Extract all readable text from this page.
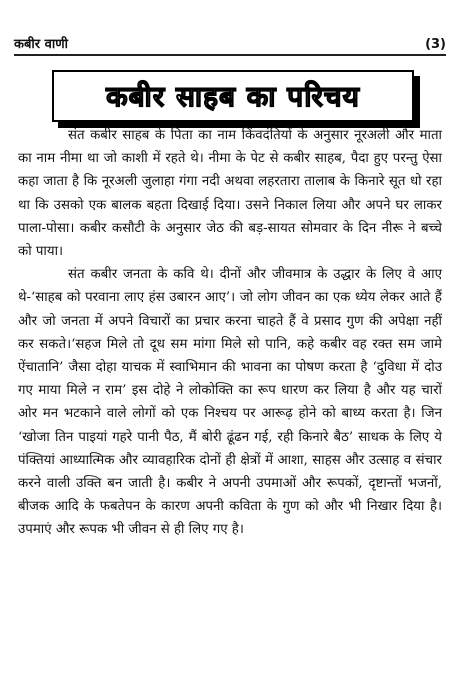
कबीर वाणी	(3)
कबीर साहब का परिचय

संत कबीर साहब के पिता का नाम किंवदंतियों के अनुसार नूरअली और माता का नाम नीमा था जो काशी में रहते थे। नीमा के पेट से कबीर साहब, पैदा हुए परन्तु ऐसा कहा जाता है कि नूरअली जुलाहा गंगा नदी अथवा लहरतारा तालाब के किनारे सूत धो रहा था कि उसको एक बालक बहता दिखाई दिया। उसने निकाल लिया और अपने घर लाकर पाला-पोसा। कबीर कसौटी के अनुसार जेठ की बड़-सायत सोमवार के दिन नीरू ने बच्चे को पाया।

संत कबीर जनता के कवि थे। दीनों और जीवमात्र के उद्धार के लिए वे आए थे-‘साहब को परवाना लाए हंस उबारन आए’। जो लोग जीवन का एक ध्येय लेकर आते हैं और जो जनता में अपने विचारों का प्रचार करना चाहते हैं वे प्रसाद गुण की अपेक्षा नहीं कर सकते।‘सहज मिले तो दूध सम मांगा मिले सो पानि, कहे कबीर वह रक्त सम जामे ऐंचातानि’ जैसा दोहा याचक में स्वाभिमान की भावना का पोषण करता है ‘दुविधा में दोउ गए माया मिले न राम’ इस दोहे ने लोकोक्ति का रूप धारण कर लिया है और यह चारों ओर मन भटकाने वाले लोगों को एक निश्चय पर आरूढ़ होने को बाध्य करता है। जिन ‘खोजा तिन पाइयां गहरे पानी पैठ, मैं बोरी ढूंढन गई, रही किनारे बैठ’ साधक के लिए ये पंक्तियां आध्यात्मिक और व्यावहारिक दोनों ही क्षेत्रों में आशा, साहस और उत्साह व संचार करने वाली उक्ति बन जाती है। कबीर ने अपनी उपमाओं और रूपकों, दृष्टान्तों भजनों, बीजक आदि के फबतेपन के कारण अपनी कविता के गुण को और भी निखार दिया है। उपमाएं और रूपक भी जीवन से ही लिए गए है।
